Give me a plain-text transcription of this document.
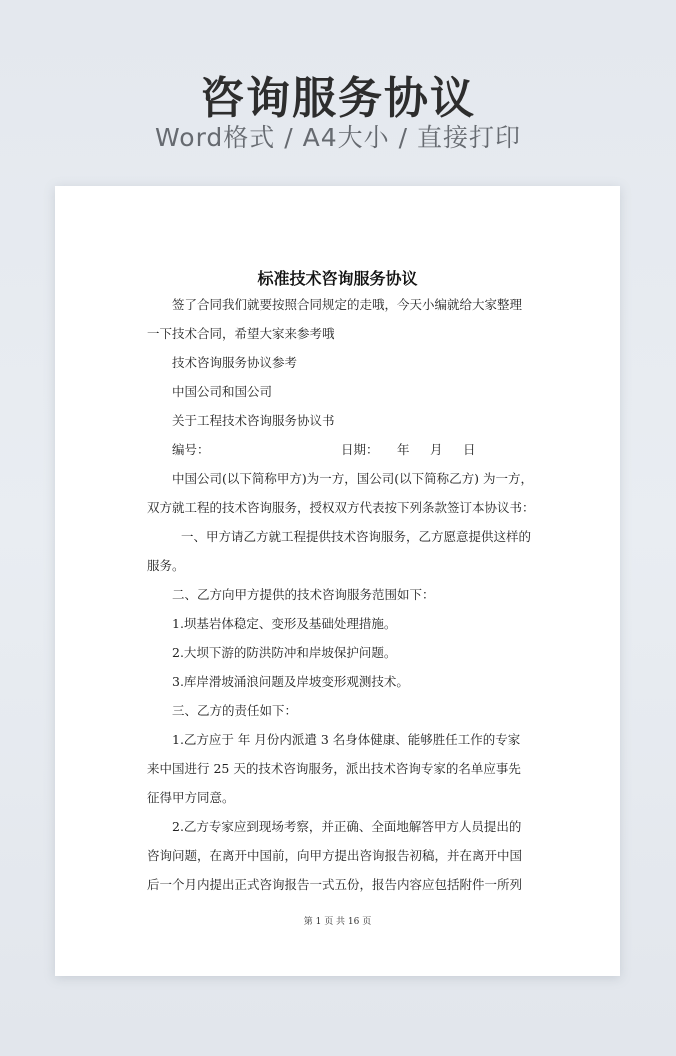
咨询服务协议
Word格式 / A4大小 / 直接打印
标准技术咨询服务协议
签了合同我们就要按照合同规定的走哦，今天小编就给大家整理
一下技术合同，希望大家来参考哦
技术咨询服务协议参考
中国公司和国公司
关于工程技术咨询服务协议书
编号：	日期： 年 月 日
中国公司(以下简称甲方)为一方，国公司(以下简称乙方) 为一方，
双方就工程的技术咨询服务，授权双方代表按下列条款签订本协议书：
一、甲方请乙方就工程提供技术咨询服务，乙方愿意提供这样的
服务。
二、乙方向甲方提供的技术咨询服务范围如下：
1.坝基岩体稳定、变形及基础处理措施。
2.大坝下游的防洪防冲和岸坡保护问题。
3.库岸滑坡涌浪问题及岸坡变形观测技术。
三、乙方的责任如下：
1.乙方应于 年 月份内派遣 3 名身体健康、能够胜任工作的专家
来中国进行 25 天的技术咨询服务，派出技术咨询专家的名单应事先
征得甲方同意。
2.乙方专家应到现场考察，并正确、全面地解答甲方人员提出的
咨询问题，在离开中国前，向甲方提出咨询报告初稿，并在离开中国
后一个月内提出正式咨询报告一式五份，报告内容应包括附件一所列
第 1 页 共 16 页
